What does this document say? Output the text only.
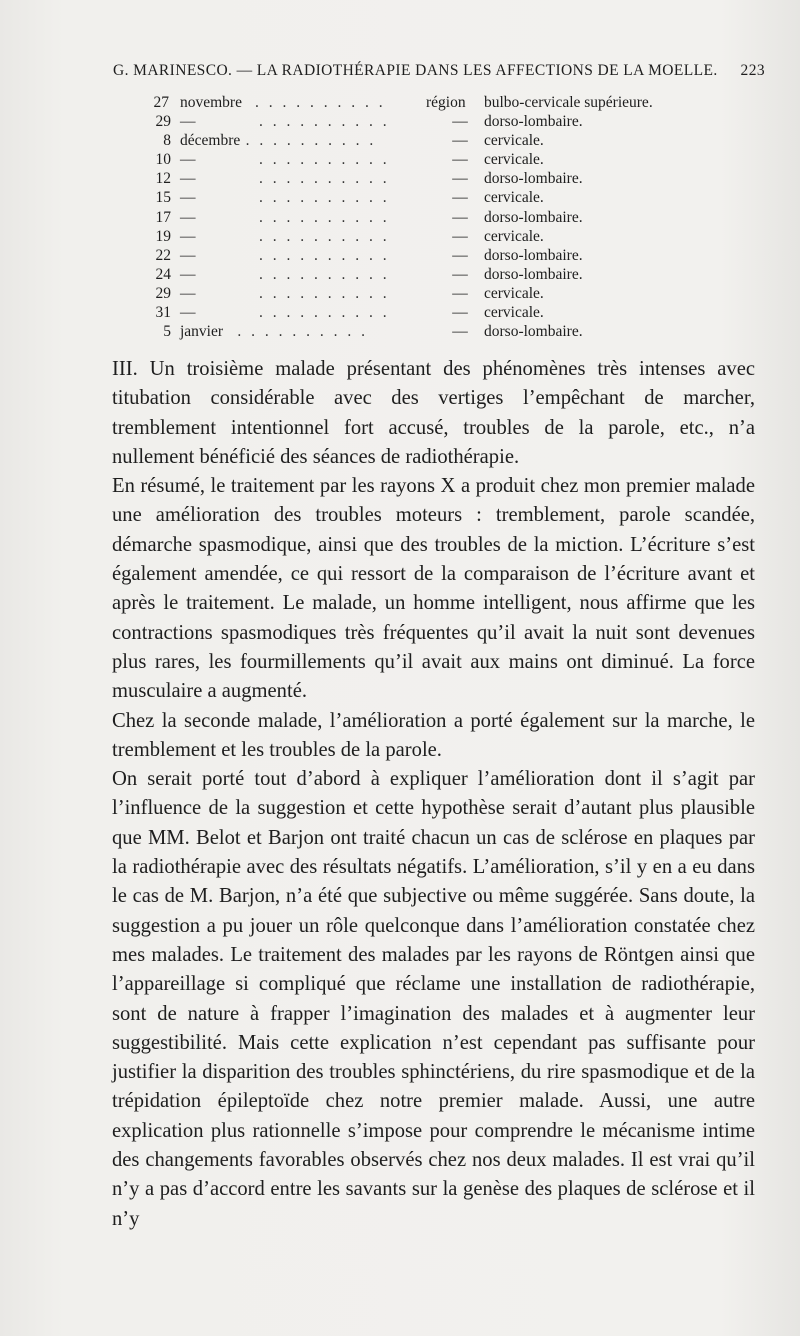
G. MARINESCO. — LA RADIOTHÉRAPIE DANS LES AFFECTIONS DE LA MOELLE. 223
27 novembre . . . . . . . . . .	région bulbo-cervicale supérieure.
29 —	. . . . . . . . . .	—	dorso-lombaire.
8 décembre . . . . . . . . . .	—	cervicale.
10 —	. . . . . . . . . .	—	cervicale.
12 —	. . . . . . . . . .	—	dorso-lombaire.
15 —	. . . . . . . . . .	—	cervicale.
17 —	. . . . . . . . . .	—	dorso-lombaire.
19 —	. . . . . . . . . .	—	cervicale.
22 —	. . . . . . . . . .	—	dorso-lombaire.
24 —	. . . . . . . . . .	—	dorso-lombaire.
29 —	. . . . . . . . . .	—	cervicale.
31 —	. . . . . . . . . .	—	cervicale.
5 janvier . . . . . . . . . .	—	dorso-lombaire.

III. Un troisième malade présentant des phénomènes très intenses avec titubation considérable avec des vertiges l’empêchant de marcher, tremblement intentionnel fort accusé, troubles de la parole, etc., n’a nullement bénéficié des séances de radiothérapie.

En résumé, le traitement par les rayons X a produit chez mon premier malade une amélioration des troubles moteurs : tremblement, parole scandée, démarche spasmodique, ainsi que des troubles de la miction. L’écriture s’est également amendée, ce qui ressort de la comparaison de l’écriture avant et après le traitement. Le malade, un homme intelligent, nous affirme que les contractions spasmodiques très fréquentes qu’il avait la nuit sont devenues plus rares, les fourmillements qu’il avait aux mains ont diminué. La force musculaire a augmenté.

Chez la seconde malade, l’amélioration a porté également sur la marche, le tremblement et les troubles de la parole.

On serait porté tout d’abord à expliquer l’amélioration dont il s’agit par l’influence de la suggestion et cette hypothèse serait d’autant plus plausible que MM. Belot et Barjon ont traité chacun un cas de sclérose en plaques par la radiothérapie avec des résultats négatifs. L’amélioration, s’il y en a eu dans le cas de M. Barjon, n’a été que subjective ou même suggérée. Sans doute, la suggestion a pu jouer un rôle quelconque dans l’amélioration constatée chez mes malades. Le traitement des malades par les rayons de Röntgen ainsi que l’appareillage si compliqué que réclame une installation de radiothérapie, sont de nature à frapper l’imagination des malades et à augmenter leur suggestibilité. Mais cette explication n’est cependant pas suffisante pour justifier la disparition des troubles sphinctériens, du rire spasmodique et de la trépidation épileptoïde chez notre premier malade. Aussi, une autre explication plus rationnelle s’impose pour comprendre le mécanisme intime des changements favorables observés chez nos deux malades. Il est vrai qu’il n’y a pas d’accord entre les savants sur la genèse des plaques de sclérose et il n’y
